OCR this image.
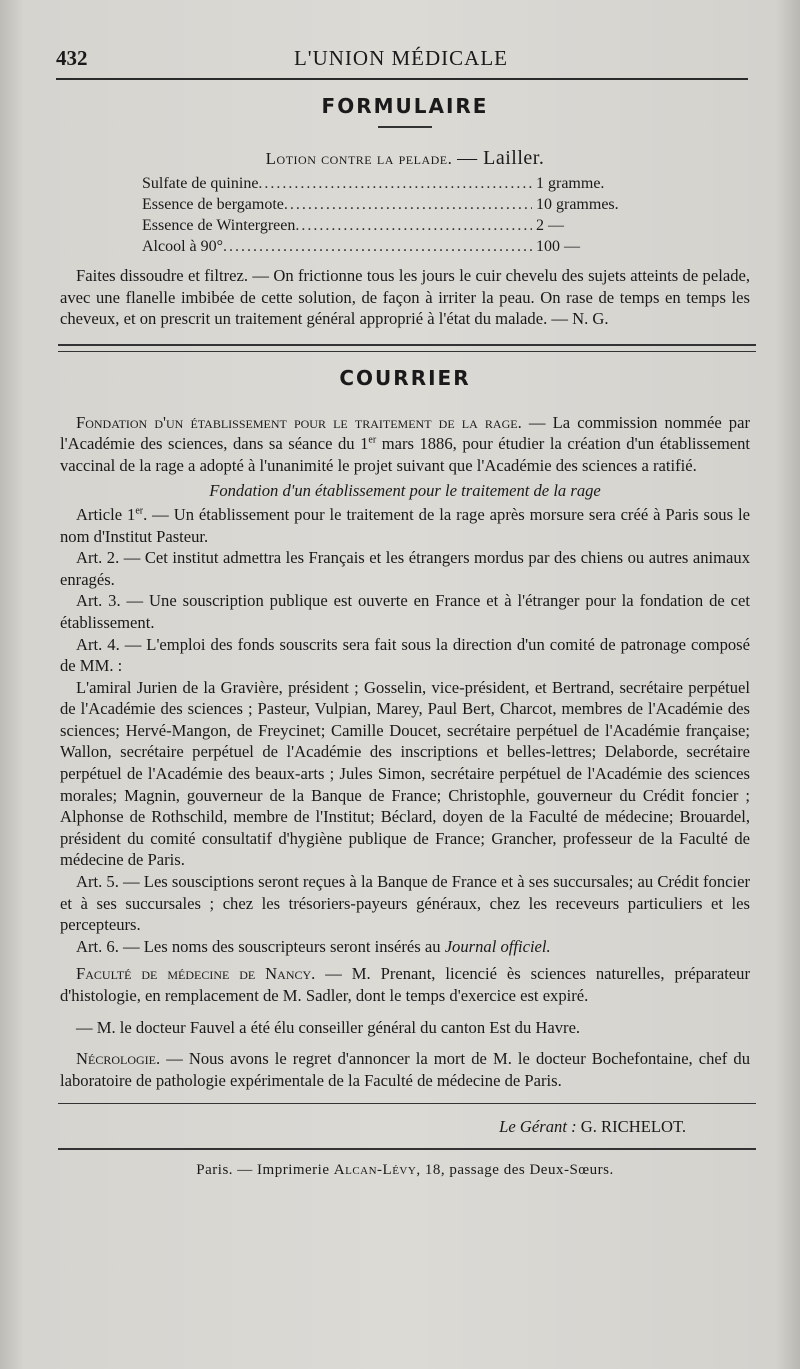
432	L'UNION MÉDICALE
FORMULAIRE
Lotion contre la pelade. — Lailler.
Sulfate de quinine .....	1 gramme.
Essence de bergamote .....	10 grammes.
Essence de Wintergreen .....	2 —
Alcool à 90° .....	100 —

Faites dissoudre et filtrez. — On frictionne tous les jours le cuir chevelu des sujets atteints de pelade, avec une flanelle imbibée de cette solution, de façon à irriter la peau. On rase de temps en temps les cheveux, et on prescrit un traitement général approprié à l'état du malade. — N. G.

COURRIER

Fondation d'un établissement pour le traitement de la rage. — La commission nommée par l'Académie des sciences, dans sa séance du 1er mars 1886, pour étudier la création d'un établissement vaccinal de la rage a adopté à l'unanimité le projet suivant que l'Académie des sciences a ratifié.

Fondation d'un établissement pour le traitement de la rage

Article 1er. — Un établissement pour le traitement de la rage après morsure sera créé à Paris sous le nom d'Institut Pasteur.

Art. 2. — Cet institut admettra les Français et les étrangers mordus par des chiens ou autres animaux enragés.

Art. 3. — Une souscription publique est ouverte en France et à l'étranger pour la fondation de cet établissement.

Art. 4. — L'emploi des fonds souscrits sera fait sous la direction d'un comité de patronage composé de MM. :

L'amiral Jurien de la Gravière, président ; Gosselin, vice-président, et Bertrand, secrétaire perpétuel de l'Académie des sciences ; Pasteur, Vulpian, Marey, Paul Bert, Charcot, membres de l'Académie des sciences; Hervé-Mangon, de Freycinet; Camille Doucet, secrétaire perpétuel de l'Académie française; Wallon, secrétaire perpétuel de l'Académie des inscriptions et belles-lettres; Delaborde, secrétaire perpétuel de l'Académie des beaux-arts ; Jules Simon, secrétaire perpétuel de l'Académie des sciences morales; Magnin, gouverneur de la Banque de France; Christophle, gouverneur du Crédit foncier ; Alphonse de Rothschild, membre de l'Institut; Béclard, doyen de la Faculté de médecine; Brouardel, président du comité consultatif d'hygiène publique de France; Grancher, professeur de la Faculté de médecine de Paris.

Art. 5. — Les sousciptions seront reçues à la Banque de France et à ses succursales; au Crédit foncier et à ses succursales ; chez les trésoriers-payeurs généraux, chez les receveurs particuliers et les percepteurs.

Art. 6. — Les noms des souscripteurs seront insérés au Journal officiel.

Faculté de médecine de Nancy. — M. Prenant, licencié ès sciences naturelles, préparateur d'histologie, en remplacement de M. Sadler, dont le temps d'exercice est expiré.

— M. le docteur Fauvel a été élu conseiller général du canton Est du Havre.

Nécrologie. — Nous avons le regret d'annoncer la mort de M. le docteur Bochefontaine, chef du laboratoire de pathologie expérimentale de la Faculté de médecine de Paris.

Le Gérant : G. RICHELOT.
Paris. — Imprimerie Alcan-Lévy, 18, passage des Deux-Sœurs.
